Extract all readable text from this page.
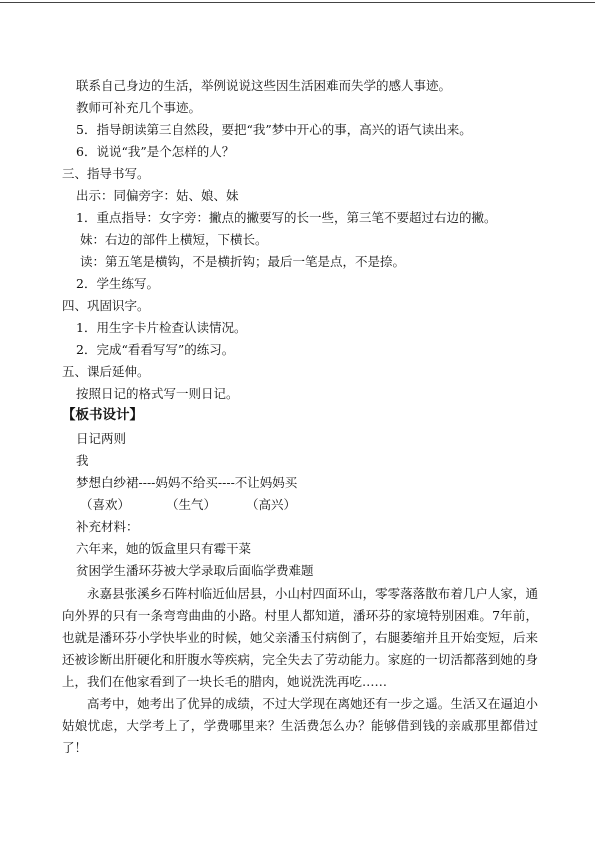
联系自己身边的生活，举例说说这些因生活困难而失学的感人事迹。
教师可补充几个事迹。
5．指导朗读第三自然段，要把“我”梦中开心的事，高兴的语气读出来。
6．说说“我”是个怎样的人？
三、指导书写。
出示：同偏旁字：姑、娘、妹
1．重点指导：女字旁：撇点的撇要写的长一些，第三笔不要超过右边的撇。
妹：右边的部件上横短，下横长。
读：第五笔是横钩，不是横折钩；最后一笔是点，不是捺。
2．学生练写。
四、巩固识字。
1．用生字卡片检查认读情况。
2．完成“看看写写”的练习。
五、课后延伸。
按照日记的格式写一则日记。
【板书设计】
日记两则
我
梦想白纱裙----妈妈不给买----不让妈妈买
（喜欢）	（生气） （高兴）
补充材料：
六年来，她的饭盒里只有霉干菜
贫困学生潘环芬被大学录取后面临学费难题
永嘉县张溪乡石阵村临近仙居县，小山村四面环山，零零落落散布着几户人家，通向外界的只有一条弯弯曲曲的小路。村里人都知道，潘环芬的家境特别困难。7年前，也就是潘环芬小学快毕业的时候，她父亲潘玉付病倒了，右腿萎缩并且开始变短，后来还被诊断出肝硬化和肝腹水等疾病，完全失去了劳动能力。家庭的一切活都落到她的身上，我们在他家看到了一块长毛的腊肉，她说洗洗再吃……
高考中，她考出了优异的成绩，不过大学现在离她还有一步之遥。生活又在逼迫小姑娘忧虑，大学考上了，学费哪里来？生活费怎么办？能够借到钱的亲戚那里都借过了！
